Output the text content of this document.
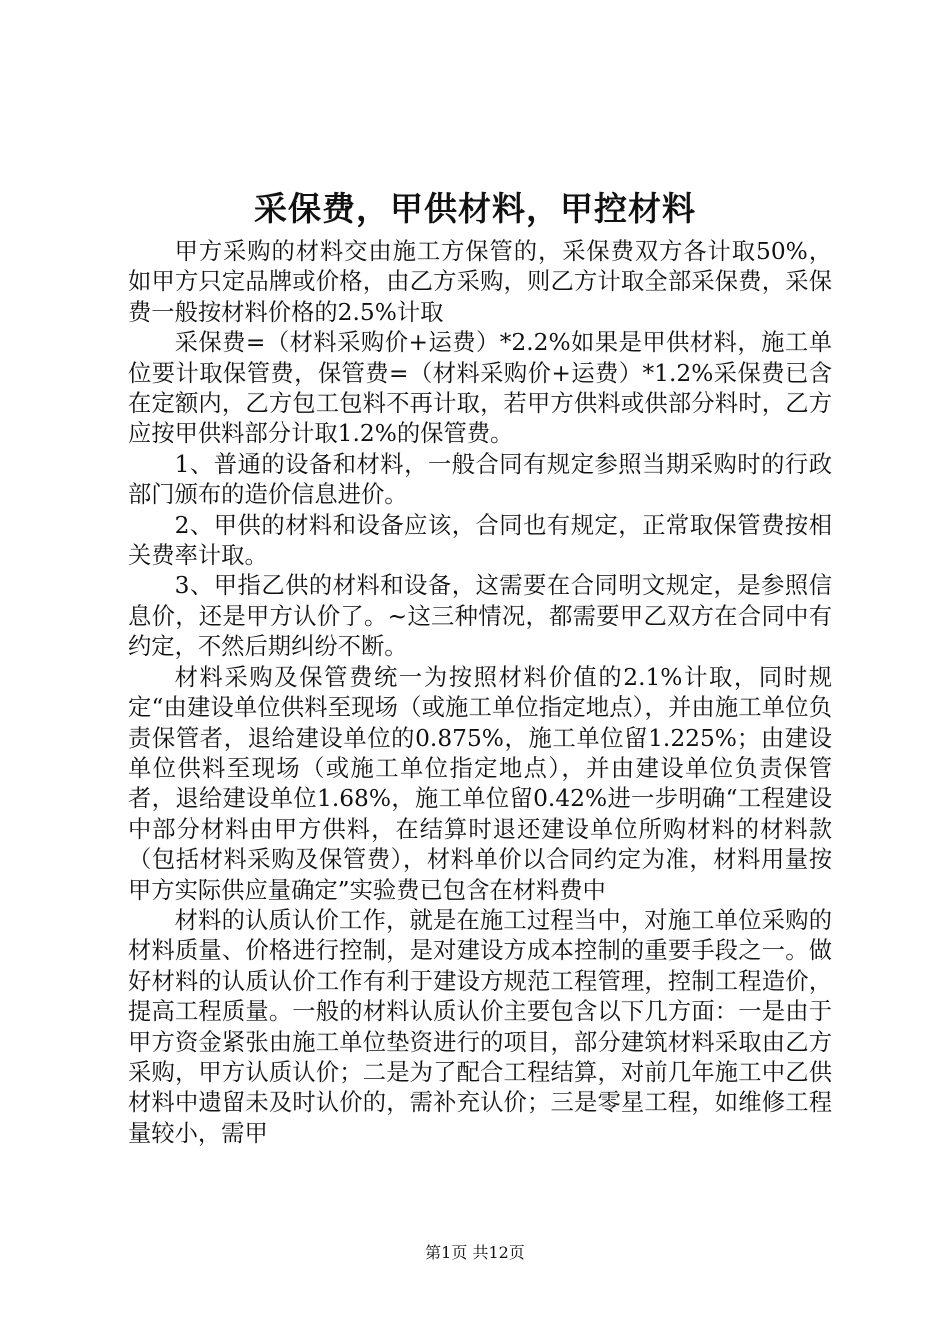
采保费，甲供材料，甲控材料

甲方采购的材料交由施工方保管的，采保费双方各计取50%，如甲方只定品牌或价格，由乙方采购，则乙方计取全部采保费，采保费一般按材料价格的2.5%计取

采保费=（材料采购价+运费）*2.2%如果是甲供材料，施工单位要计取保管费，保管费=（材料采购价+运费）*1.2%采保费已含在定额内，乙方包工包料不再计取，若甲方供料或供部分料时，乙方应按甲供料部分计取1.2%的保管费。

1、普通的设备和材料，一般合同有规定参照当期采购时的行政部门颁布的造价信息进价。

2、甲供的材料和设备应该，合同也有规定，正常取保管费按相关费率计取。

3、甲指乙供的材料和设备，这需要在合同明文规定，是参照信息价，还是甲方认价了。~这三种情况，都需要甲乙双方在合同中有约定，不然后期纠纷不断。

材料采购及保管费统一为按照材料价值的2.1%计取，同时规定“由建设单位供料至现场（或施工单位指定地点），并由施工单位负责保管者，退给建设单位的0.875%，施工单位留1.225%；由建设单位供料至现场（或施工单位指定地点），并由建设单位负责保管者，退给建设单位1.68%，施工单位留0.42%进一步明确“工程建设中部分材料由甲方供料，在结算时退还建设单位所购材料的材料款（包括材料采购及保管费），材料单价以合同约定为准，材料用量按甲方实际供应量确定”实验费已包含在材料费中

材料的认质认价工作，就是在施工过程当中，对施工单位采购的材料质量、价格进行控制，是对建设方成本控制的重要手段之一。做好材料的认质认价工作有利于建设方规范工程管理，控制工程造价，提高工程质量。一般的材料认质认价主要包含以下几方面：一是由于甲方资金紧张由施工单位垫资进行的项目，部分建筑材料采取由乙方采购，甲方认质认价；二是为了配合工程结算，对前几年施工中乙供材料中遗留未及时认价的，需补充认价；三是零星工程，如维修工程量较小，需甲

第1页 共12页
